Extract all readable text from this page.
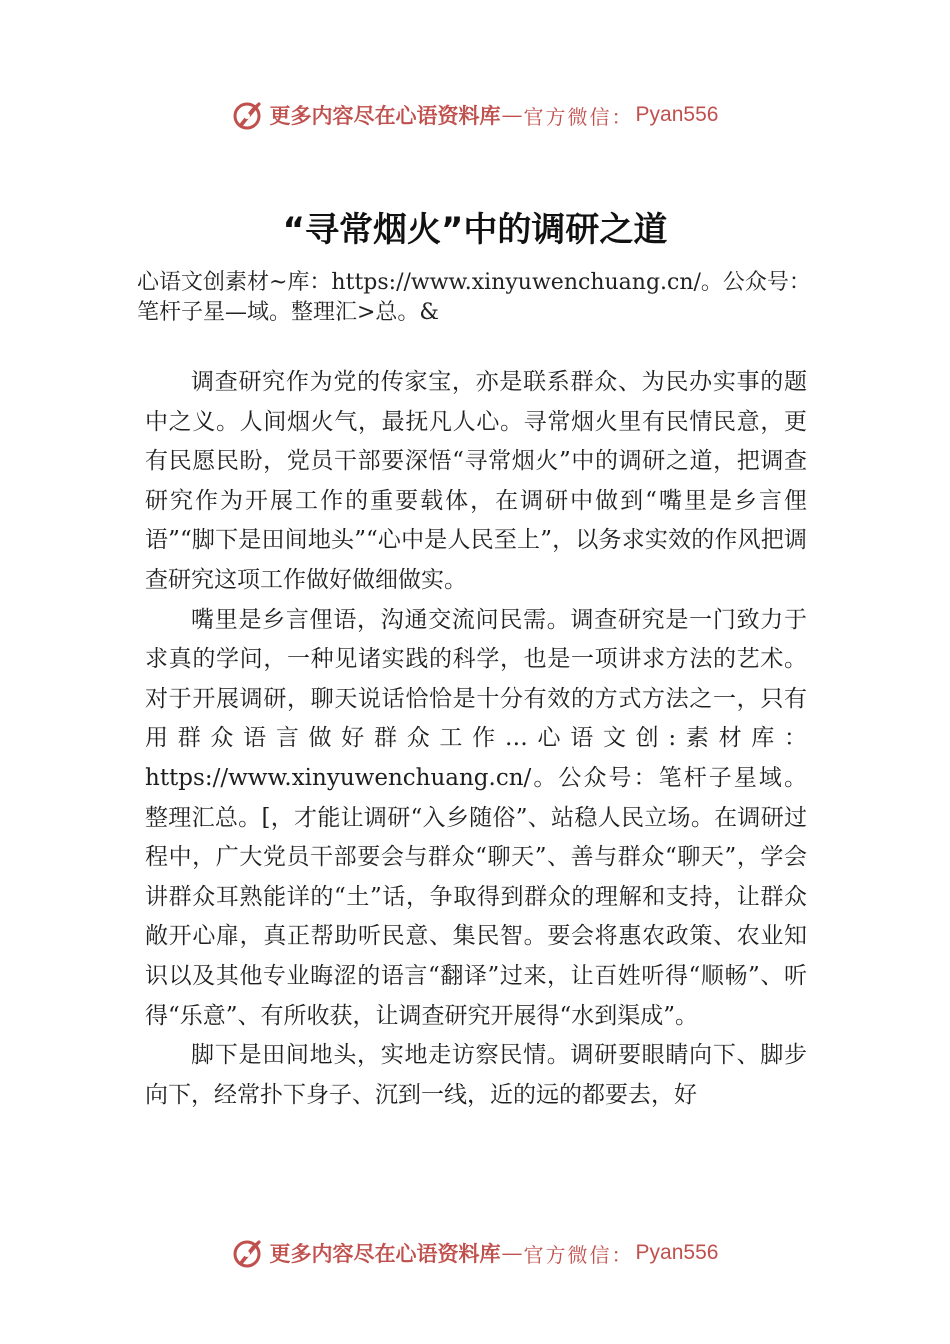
更多内容尽在心语资料库 — 官方微信： Pyan556
“寻常烟火”中的调研之道

心语文创素材~库：https://www.xinyuwenchuang.cn/。公众号：笔杆子星—域。整理汇>总。&

调查研究作为党的传家宝，亦是联系群众、为民办实事的题中之义。人间烟火气，最抚凡人心。寻常烟火里有民情民意，更有民愿民盼，党员干部要深悟“寻常烟火”中的调研之道，把调查研究作为开展工作的重要载体，在调研中做到“嘴里是乡言俚语”“脚下是田间地头”“心中是人民至上”，以务求实效的作风把调查研究这项工作做好做细做实。

嘴里是乡言俚语，沟通交流问民需。调查研究是一门致力于求真的学问，一种见诸实践的科学，也是一项讲求方法的艺术。对于开展调研，聊天说话恰恰是十分有效的方式方法之一，只有用群众语言做好群众工作…心语文创:素材库：https://www.xinyuwenchuang.cn/。公众号：笔杆子星域。整理汇总。[，才能让调研“入乡随俗”、站稳人民立场。在调研过程中，广大党员干部要会与群众“聊天”、善与群众“聊天”，学会讲群众耳熟能详的“土”话，争取得到群众的理解和支持，让群众敞开心扉，真正帮助听民意、集民智。要会将惠农政策、农业知识以及其他专业晦涩的语言“翻译”过来，让百姓听得“顺畅”、听得“乐意”、有所收获，让调查研究开展得“水到渠成”。

脚下是田间地头，实地走访察民情。调研要眼睛向下、脚步向下，经常扑下身子、沉到一线，近的远的都要去，好

更多内容尽在心语资料库 — 官方微信： Pyan556
